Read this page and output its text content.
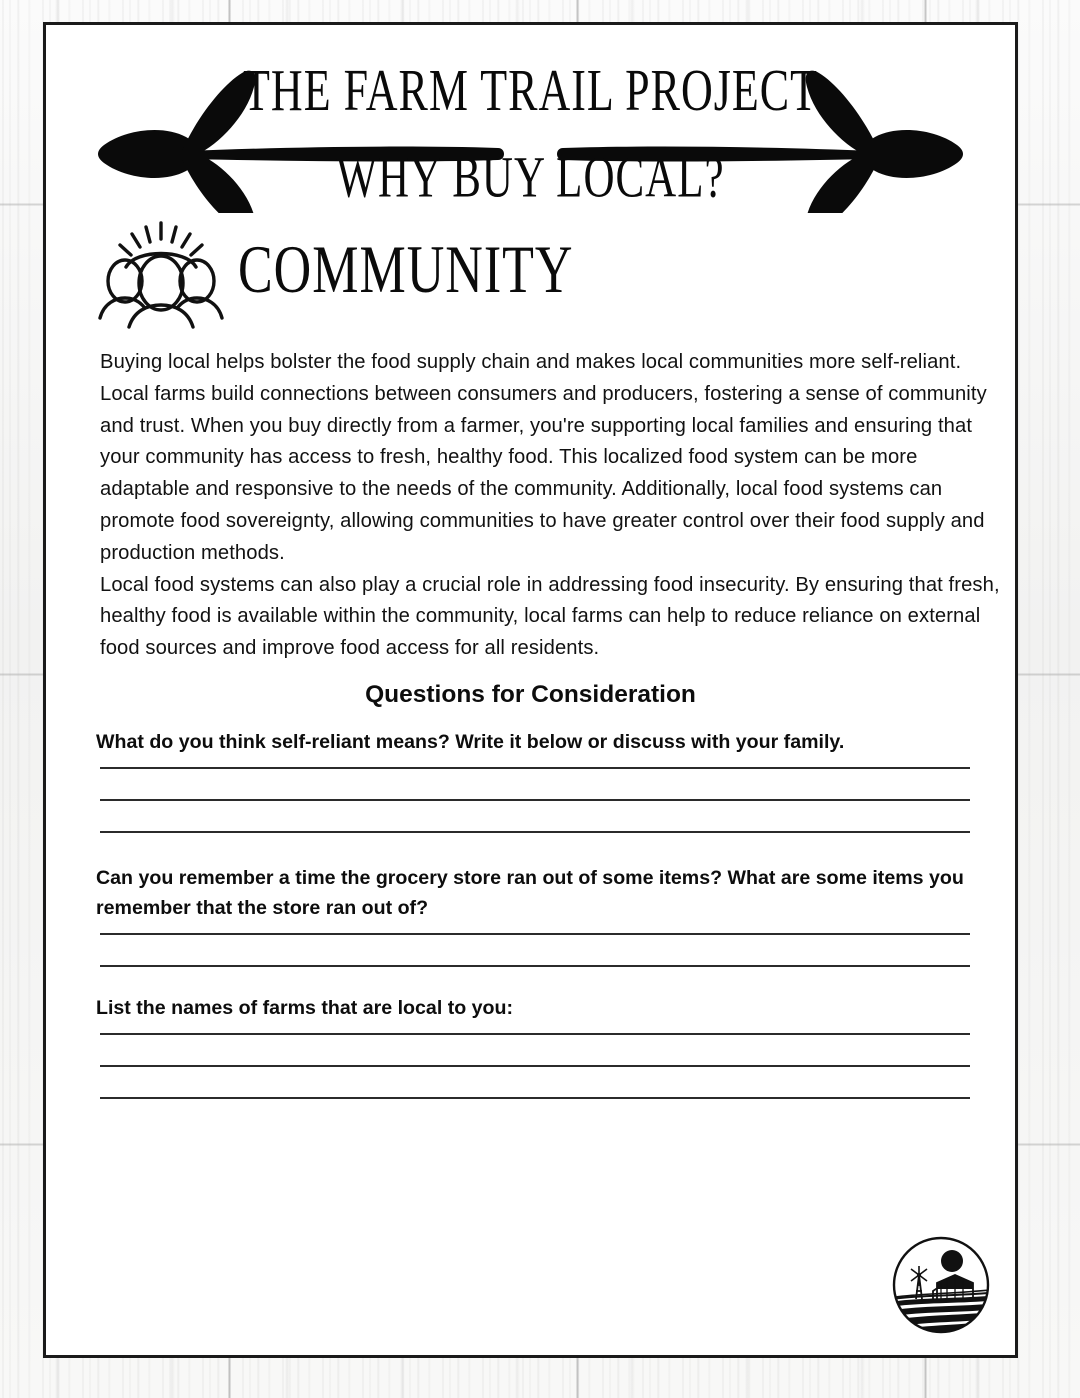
THE FARM TRAIL PROJECT
WHY BUY LOCAL?
COMMUNITY

Buying local helps bolster the food supply chain and makes local communities more self-reliant. Local farms build connections between consumers and producers, fostering a sense of community and trust. When you buy directly from a farmer, you're supporting local families and ensuring that your community has access to fresh, healthy food. This localized food system can be more adaptable and responsive to the needs of the community. Additionally, local food systems can promote food sovereignty, allowing communities to have greater control over their food supply and production methods.

Local food systems can also play a crucial role in addressing food insecurity. By ensuring that fresh, healthy food is available within the community, local farms can help to reduce reliance on external food sources and improve food access for all residents.

Questions for Consideration
What do you think self-reliant means? Write it below or discuss with your family.
Can you remember a time the grocery store ran out of some items? What are some items you remember that the store ran out of?
List the names of farms that are local to you:
